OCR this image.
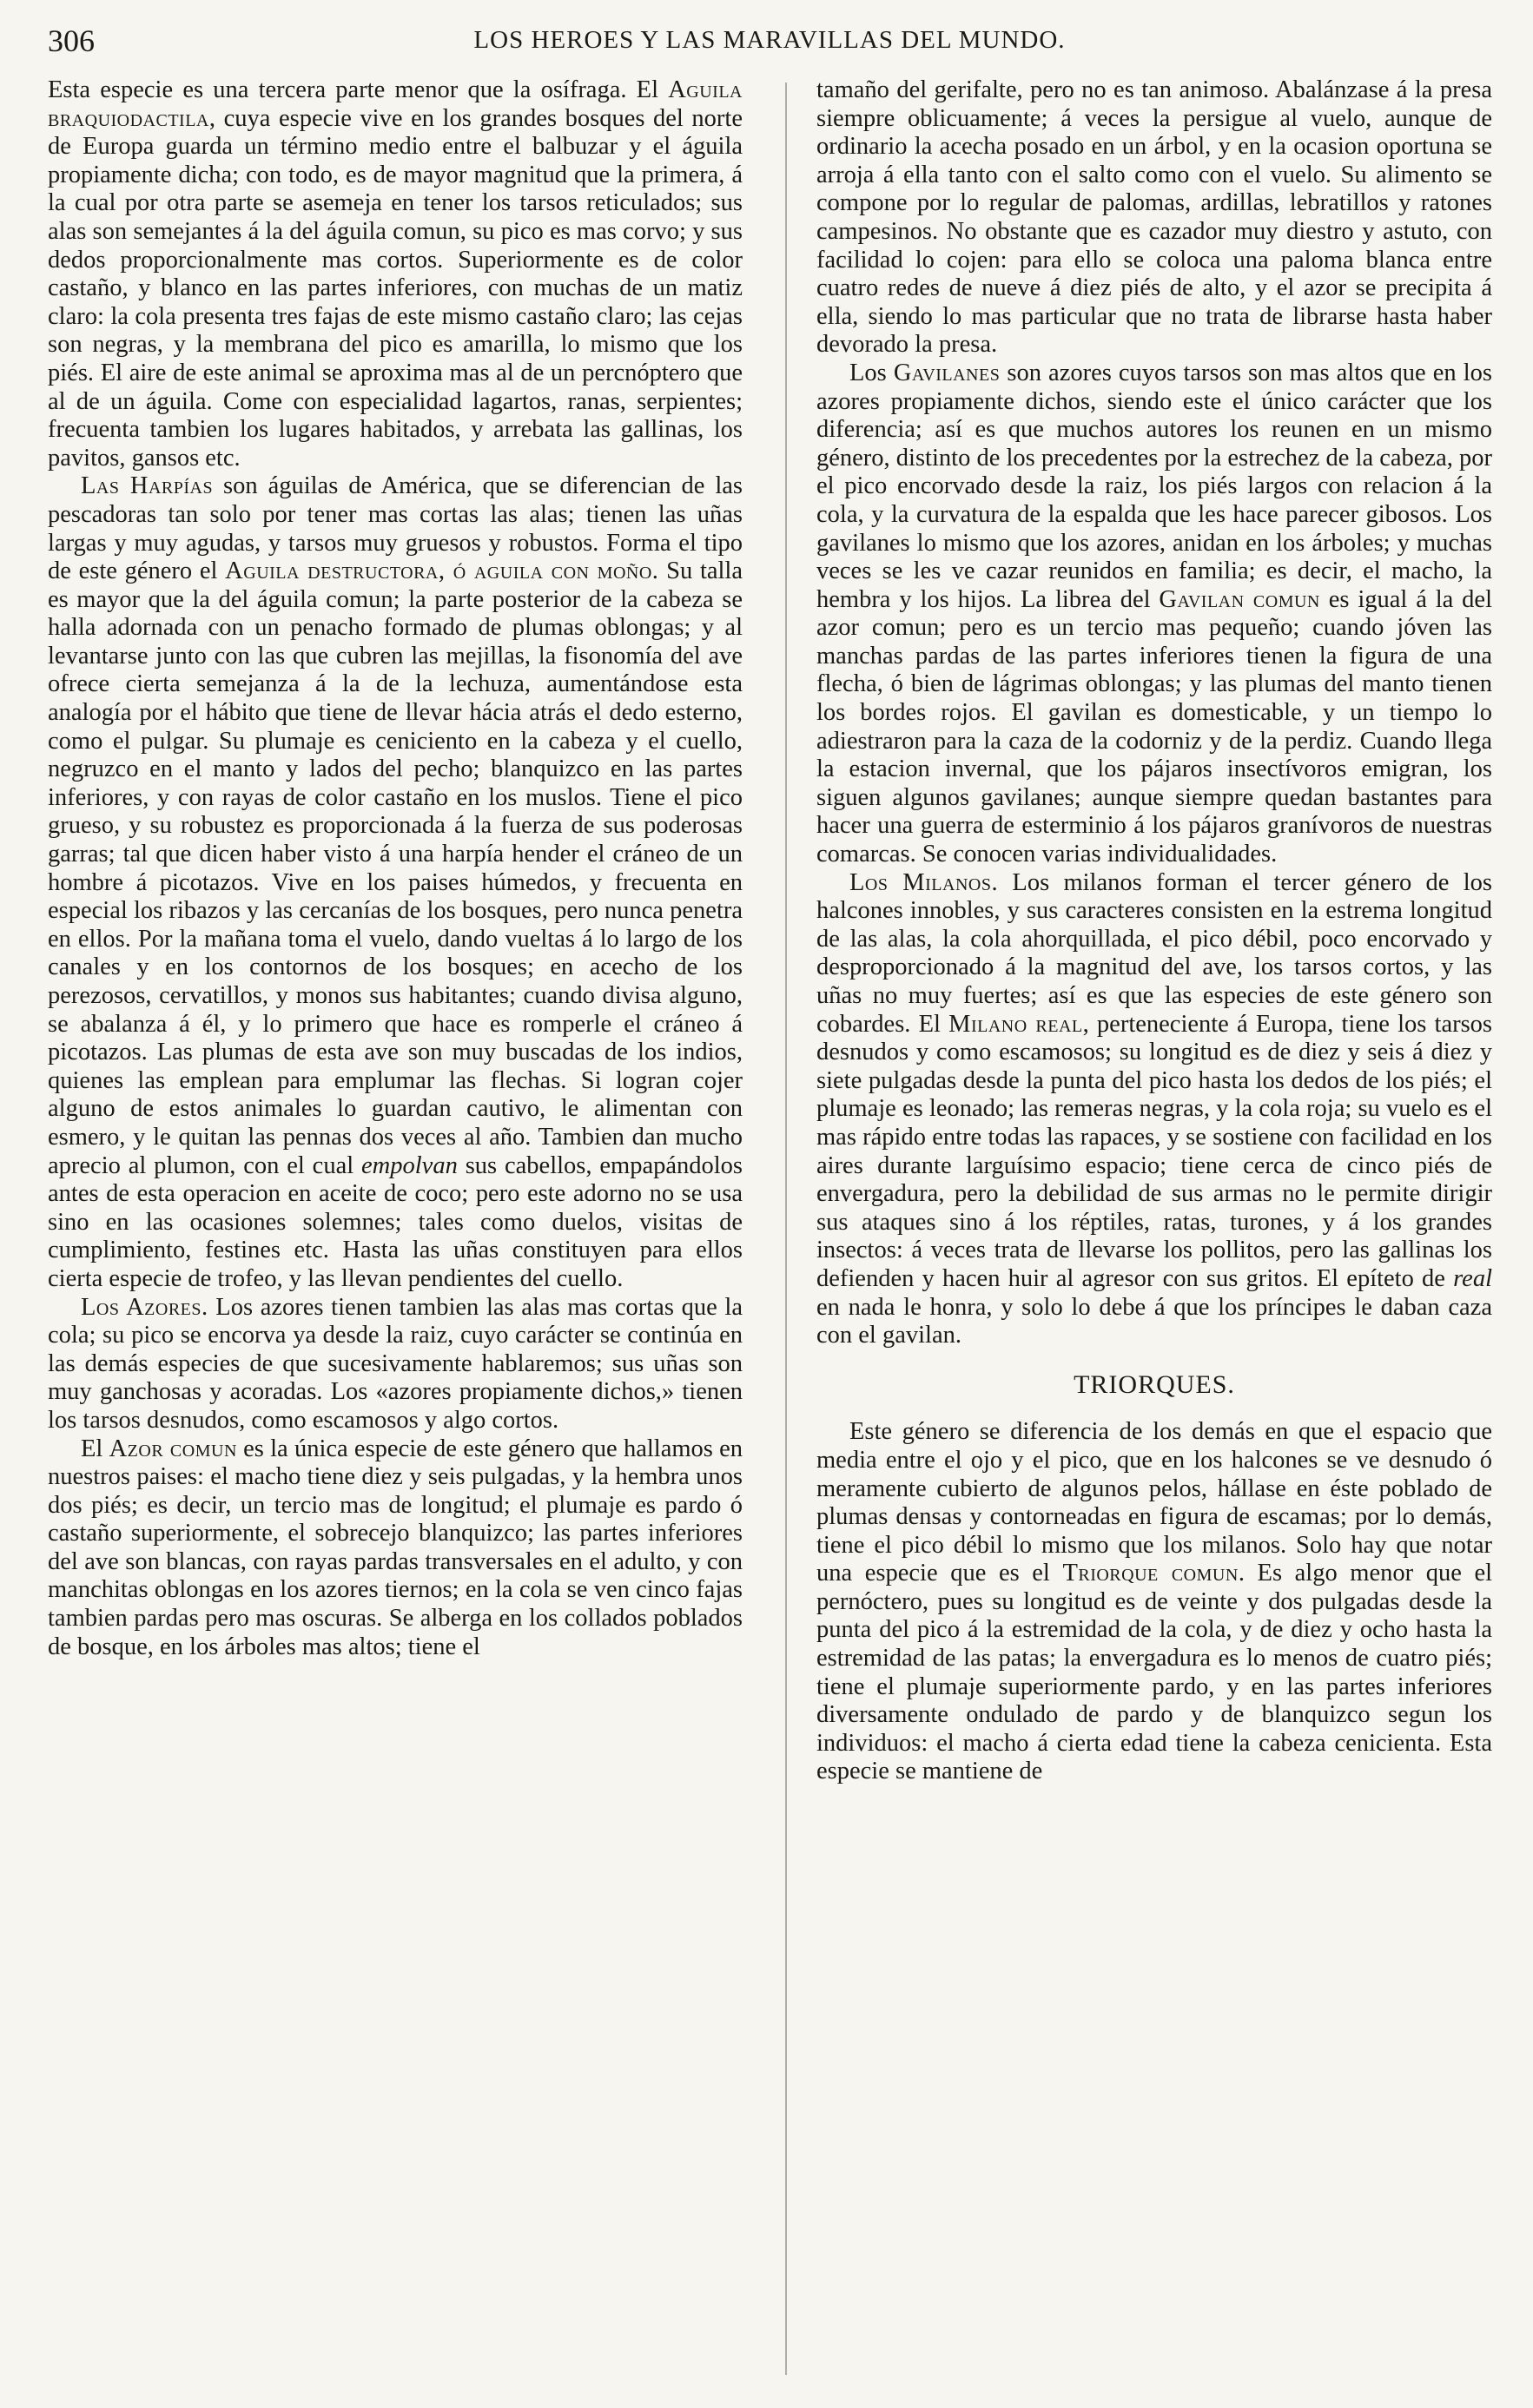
306	LOS HEROES Y LAS MARAVILLAS DEL MUNDO.

Esta especie es una tercera parte menor que la osífraga. El Aguila braquiodactila, cuya especie vive en los grandes bosques del norte de Europa guarda un término medio entre el balbuzar y el águila propiamente dicha; con todo, es de mayor magnitud que la primera, á la cual por otra parte se asemeja en tener los tarsos reticulados; sus alas son semejantes á la del águila comun, su pico es mas corvo; y sus dedos proporcionalmente mas cortos. Superiormente es de color castaño, y blanco en las partes inferiores, con muchas de un matiz claro: la cola presenta tres fajas de este mismo castaño claro; las cejas son negras, y la membrana del pico es amarilla, lo mismo que los piés. El aire de este animal se aproxima mas al de un percnóptero que al de un águila. Come con especialidad lagartos, ranas, serpientes; frecuenta tambien los lugares habitados, y arrebata las gallinas, los pavitos, gansos etc.

Las Harpías son águilas de América, que se diferencian de las pescadoras tan solo por tener mas cortas las alas; tienen las uñas largas y muy agudas, y tarsos muy gruesos y robustos. Forma el tipo de este género el Aguila destructora, ó aguila con moño. Su talla es mayor que la del águila comun; la parte posterior de la cabeza se halla adornada con un penacho formado de plumas oblongas; y al levantarse junto con las que cubren las mejillas, la fisonomía del ave ofrece cierta semejanza á la de la lechuza, aumentándose esta analogía por el hábito que tiene de llevar hácia atrás el dedo esterno, como el pulgar. Su plumaje es ceniciento en la cabeza y el cuello, negruzco en el manto y lados del pecho; blanquizco en las partes inferiores, y con rayas de color castaño en los muslos. Tiene el pico grueso, y su robustez es proporcionada á la fuerza de sus poderosas garras; tal que dicen haber visto á una harpía hender el cráneo de un hombre á picotazos. Vive en los paises húmedos, y frecuenta en especial los ribazos y las cercanías de los bosques, pero nunca penetra en ellos. Por la mañana toma el vuelo, dando vueltas á lo largo de los canales y en los contornos de los bosques; en acecho de los perezosos, cervatillos, y monos sus habitantes; cuando divisa alguno, se abalanza á él, y lo primero que hace es romperle el cráneo á picotazos. Las plumas de esta ave son muy buscadas de los indios, quienes las emplean para emplumar las flechas. Si logran cojer alguno de estos animales lo guardan cautivo, le alimentan con esmero, y le quitan las pennas dos veces al año. Tambien dan mucho aprecio al plumon, con el cual empolvan sus cabellos, empapándolos antes de esta operacion en aceite de coco; pero este adorno no se usa sino en las ocasiones solemnes; tales como duelos, visitas de cumplimiento, festines etc. Hasta las uñas constituyen para ellos cierta especie de trofeo, y las llevan pendientes del cuello.

Los Azores. Los azores tienen tambien las alas mas cortas que la cola; su pico se encorva ya desde la raiz, cuyo carácter se continúa en las demás especies de que sucesivamente hablaremos; sus uñas son muy ganchosas y acoradas. Los «azores propiamente dichos,» tienen los tarsos desnudos, como escamosos y algo cortos.

El Azor comun es la única especie de este género que hallamos en nuestros paises: el macho tiene diez y seis pulgadas, y la hembra unos dos piés; es decir, un tercio mas de longitud; el plumaje es pardo ó castaño superiormente, el sobrecejo blanquizco; las partes inferiores del ave son blancas, con rayas pardas transversales en el adulto, y con manchitas oblongas en los azores tiernos; en la cola se ven cinco fajas tambien pardas pero mas oscuras. Se alberga en los collados poblados de bosque, en los árboles mas altos; tiene el

tamaño del gerifalte, pero no es tan animoso. Abalánzase á la presa siempre oblicuamente; á veces la persigue al vuelo, aunque de ordinario la acecha posado en un árbol, y en la ocasion oportuna se arroja á ella tanto con el salto como con el vuelo. Su alimento se compone por lo regular de palomas, ardillas, lebratillos y ratones campesinos. No obstante que es cazador muy diestro y astuto, con facilidad lo cojen: para ello se coloca una paloma blanca entre cuatro redes de nueve á diez piés de alto, y el azor se precipita á ella, siendo lo mas particular que no trata de librarse hasta haber devorado la presa.

Los Gavilanes son azores cuyos tarsos son mas altos que en los azores propiamente dichos, siendo este el único carácter que los diferencia; así es que muchos autores los reunen en un mismo género, distinto de los precedentes por la estrechez de la cabeza, por el pico encorvado desde la raiz, los piés largos con relacion á la cola, y la curvatura de la espalda que les hace parecer gibosos. Los gavilanes lo mismo que los azores, anidan en los árboles; y muchas veces se les ve cazar reunidos en familia; es decir, el macho, la hembra y los hijos. La librea del Gavilan comun es igual á la del azor comun; pero es un tercio mas pequeño; cuando jóven las manchas pardas de las partes inferiores tienen la figura de una flecha, ó bien de lágrimas oblongas; y las plumas del manto tienen los bordes rojos. El gavilan es domesticable, y un tiempo lo adiestraron para la caza de la codorniz y de la perdiz. Cuando llega la estacion invernal, que los pájaros insectívoros emigran, los siguen algunos gavilanes; aunque siempre quedan bastantes para hacer una guerra de esterminio á los pájaros granívoros de nuestras comarcas. Se conocen varias individualidades.

Los Milanos. Los milanos forman el tercer género de los halcones innobles, y sus caracteres consisten en la estrema longitud de las alas, la cola ahorquillada, el pico débil, poco encorvado y desproporcionado á la magnitud del ave, los tarsos cortos, y las uñas no muy fuertes; así es que las especies de este género son cobardes. El Milano real, perteneciente á Europa, tiene los tarsos desnudos y como escamosos; su longitud es de diez y seis á diez y siete pulgadas desde la punta del pico hasta los dedos de los piés; el plumaje es leonado; las remeras negras, y la cola roja; su vuelo es el mas rápido entre todas las rapaces, y se sostiene con facilidad en los aires durante larguísimo espacio; tiene cerca de cinco piés de envergadura, pero la debilidad de sus armas no le permite dirigir sus ataques sino á los réptiles, ratas, turones, y á los grandes insectos: á veces trata de llevarse los pollitos, pero las gallinas los defienden y hacen huir al agresor con sus gritos. El epíteto de real en nada le honra, y solo lo debe á que los príncipes le daban caza con el gavilan.

TRIORQUES.

Este género se diferencia de los demás en que el espacio que media entre el ojo y el pico, que en los halcones se ve desnudo ó meramente cubierto de algunos pelos, hállase en éste poblado de plumas densas y contorneadas en figura de escamas; por lo demás, tiene el pico débil lo mismo que los milanos. Solo hay que notar una especie que es el Triorque comun. Es algo menor que el pernóctero, pues su longitud es de veinte y dos pulgadas desde la punta del pico á la estremidad de la cola, y de diez y ocho hasta la estremidad de las patas; la envergadura es lo menos de cuatro piés; tiene el plumaje superiormente pardo, y en las partes inferiores diversamente ondulado de pardo y de blanquizco segun los individuos: el macho á cierta edad tiene la cabeza cenicienta. Esta especie se mantiene de
